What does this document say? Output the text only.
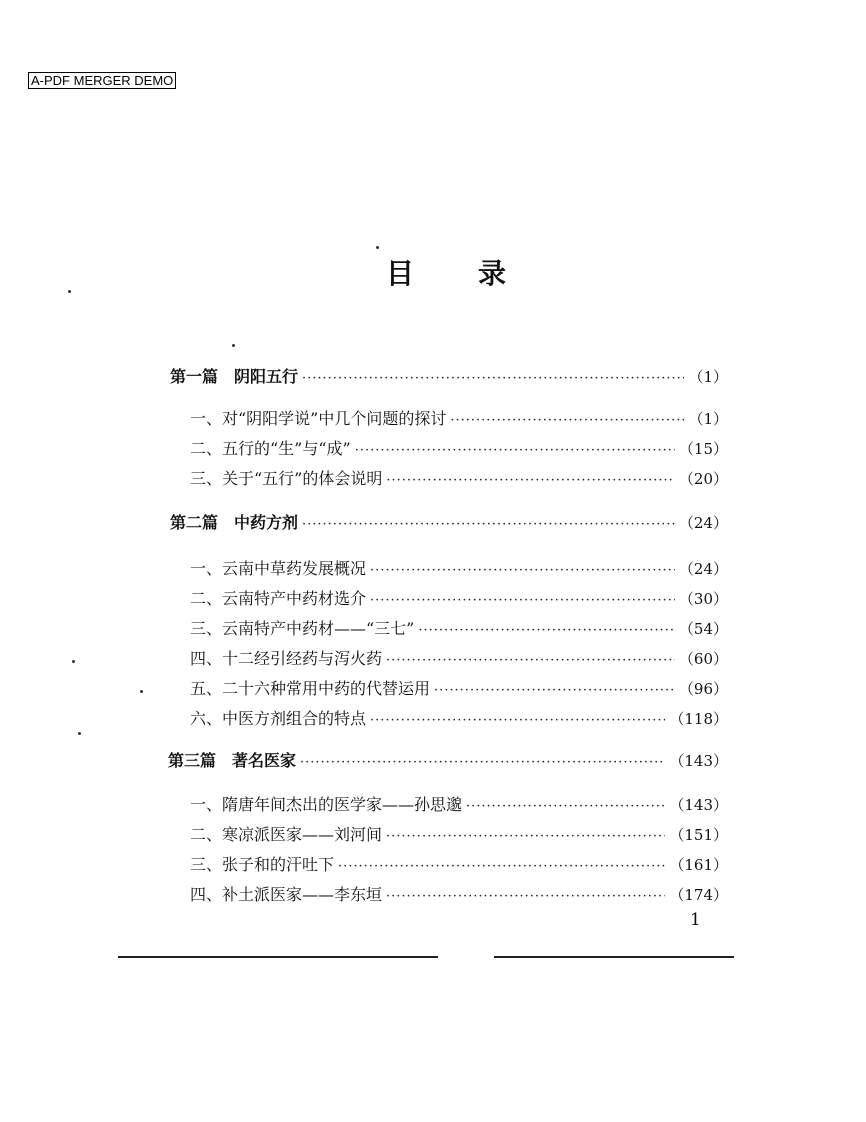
A-PDF MERGER DEMO
目 录
第一篇　阴阳五行 ·····	（1）
一、对“阴阳学说”中几个问题的探讨 ·····	（1）
二、五行的“生”与“成” ·····	（15）
三、关于“五行”的体会说明 ·····	（20）
第二篇　中药方剂 ·····	（24）
一、云南中草药发展概况 ·····	（24）
二、云南特产中药材选介 ·····	（30）
三、云南特产中药材——“三七” ·····	（54）
四、十二经引经药与泻火药 ·····	（60）
五、二十六种常用中药的代替运用 ·····	（96）
六、中医方剂组合的特点 ·····	（118）
第三篇　著名医家 ·····	（143）
一、隋唐年间杰出的医学家——孙思邈 ·····	（143）
二、寒凉派医家——刘河间 ·····	（151）
三、张子和的汗吐下 ·····	（161）
四、补土派医家——李东垣 ·····	（174）
1
